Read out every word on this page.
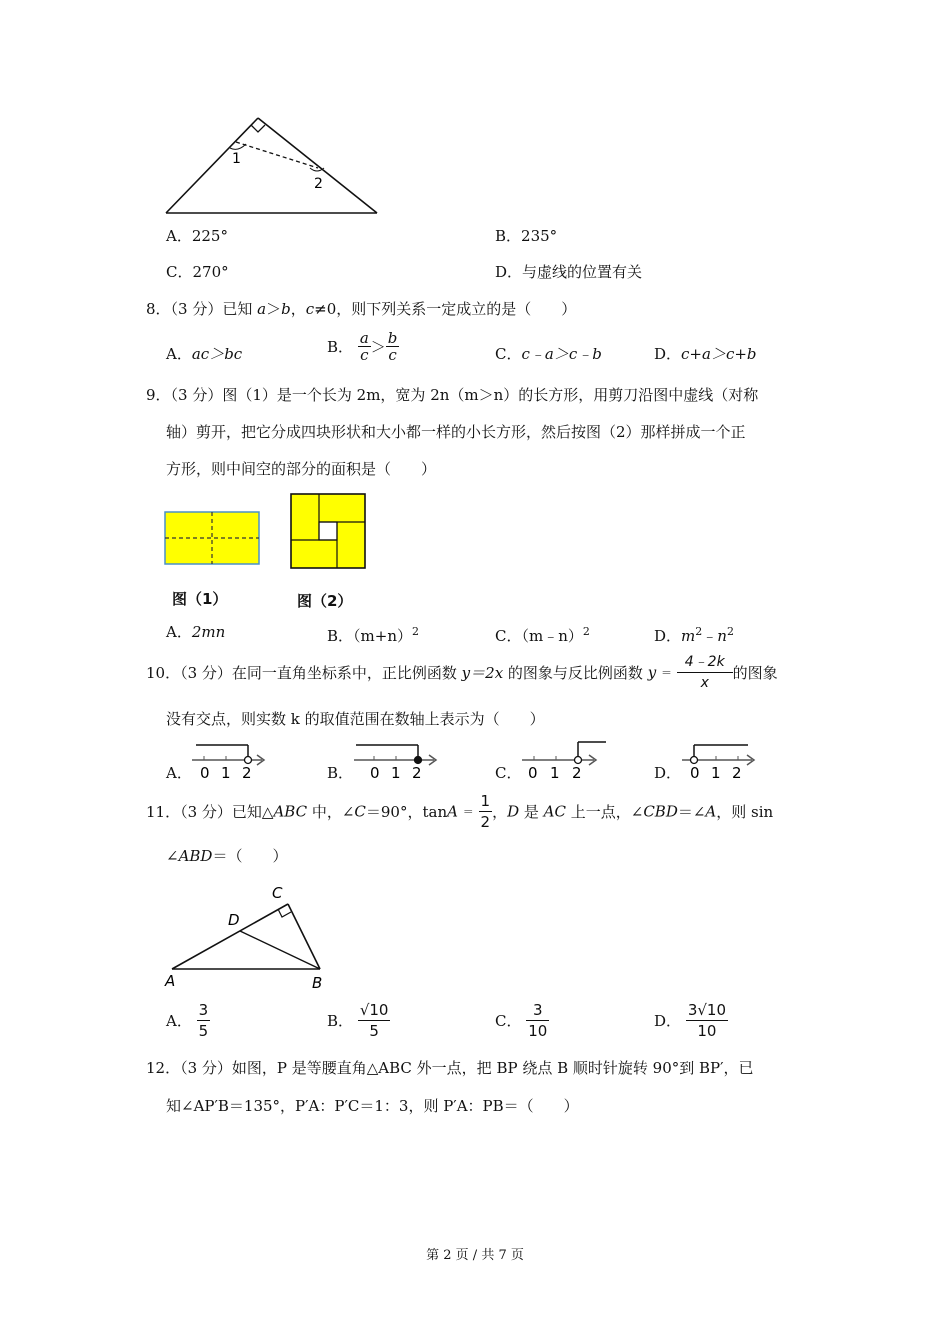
1
2
A．225°	B．235°
C．270°	D．与虚线的位置有关
8．（3 分）已知 a＞b，c≠0，则下列关系一定成立的是（　　）
A．ac＞bc	B． $\frac{a}{c} > \frac{b}{c}$	C．c﹣a＞c﹣b	D．c+a＞c+b
9．（3 分）图（1）是一个长为 2m，宽为 2n（m＞n）的长方形，用剪刀沿图中虚线（对称
轴）剪开，把它分成四块形状和大小都一样的小长方形，然后按图（2）那样拼成一个正
方形，则中间空的部分的面积是（　　）
图（1）	图（2）
A．2mn	B．$(m+n)^2$	C．（m﹣n）$^2$	D．$m^2﹣n^2$
10．（3 分）在同一直角坐标系中，正比例函数 y＝2x 的图象与反比例函数 $y = \frac{4﹣2k}{x}$ 的图象
没有交点，则实数 k 的取值范围在数轴上表示为（　　）
A． 0 1 2	B． 0 1 2	C． 0 1 2	D． 0 1 2
11．（3 分）已知△ABC 中，∠C＝90°，$\tan A = \frac{1}{2}$ ，D 是 AC 上一点，∠CBD＝∠A，则 sin
∠ABD＝（　　）
C
D
A	B
A． $\frac{3}{5}$	B． $\frac{√10}{5}$	C． $\frac{3}{10}$	D． $\frac{3√10}{10}$
12．（3 分）如图，P 是等腰直角△ABC 外一点，把 BP 绕点 B 顺时针旋转 90°到 BP′，已
知∠AP′B＝135°，P′A：P′C＝1：3，则 P′A：PB＝（　　）
第 2 页 / 共 7 页
